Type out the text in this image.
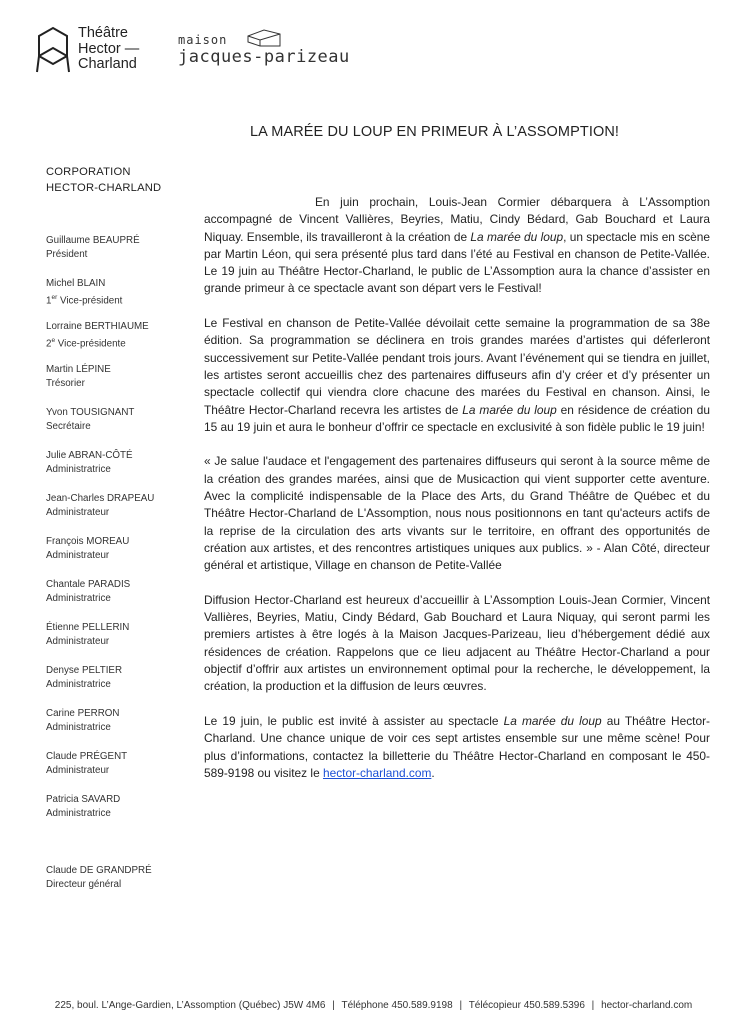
Théâtre
Hector —
Charland
maison
jacques-parizeau
LA MARÉE DU LOUP EN PRIMEUR À L’ASSOMPTION!
CORPORATION
HECTOR-CHARLAND
Guillaume BEAUPRÉ
Président
Michel BLAIN
1er Vice-président
Lorraine BERTHIAUME
2e Vice-présidente
Martin LÉPINE
Trésorier
Yvon TOUSIGNANT
Secrétaire
Julie ABRAN-CÔTÉ
Administratrice
Jean-Charles DRAPEAU
Administrateur
François MOREAU
Administrateur
Chantale PARADIS
Administratrice
Étienne PELLERIN
Administrateur
Denyse PELTIER
Administratrice
Carine PERRON
Administratrice
Claude PRÉGENT
Administrateur
Patricia SAVARD
Administratrice
Claude DE GRANDPRÉ
Directeur général

En juin prochain, Louis-Jean Cormier débarquera à L’Assomption accompagné de Vincent Vallières, Beyries, Matiu, Cindy Bédard, Gab Bouchard et Laura Niquay. Ensemble, ils travailleront à la création de La marée du loup, un spectacle mis en scène par Martin Léon, qui sera présenté plus tard dans l’été au Festival en chanson de Petite-Vallée. Le 19 juin au Théâtre Hector-Charland, le public de L’Assomption aura la chance d’assister en grande primeur à ce spectacle avant son départ vers le Festival!

Le Festival en chanson de Petite-Vallée dévoilait cette semaine la programmation de sa 38e édition. Sa programmation se déclinera en trois grandes marées d’artistes qui déferleront successivement sur Petite-Vallée pendant trois jours. Avant l’événement qui se tiendra en juillet, les artistes seront accueillis chez des partenaires diffuseurs afin d’y créer et d’y présenter un spectacle collectif qui viendra clore chacune des marées du Festival en chanson. Ainsi, le Théâtre Hector-Charland recevra les artistes de La marée du loup en résidence de création du 15 au 19 juin et aura le bonheur d’offrir ce spectacle en exclusivité à son fidèle public le 19 juin!

« Je salue l'audace et l'engagement des partenaires diffuseurs qui seront à la source même de la création des grandes marées, ainsi que de Musicaction qui vient supporter cette aventure. Avec la complicité indispensable de la Place des Arts, du Grand Théâtre de Québec et du Théâtre Hector-Charland de L'Assomption, nous nous positionnons en tant qu'acteurs actifs de la reprise de la circulation des arts vivants sur le territoire, en offrant des opportunités de création aux artistes, et des rencontres artistiques uniques aux publics. » - Alan Côté, directeur général et artistique, Village en chanson de Petite-Vallée

Diffusion Hector-Charland est heureux d’accueillir à L’Assomption Louis-Jean Cormier, Vincent Vallières, Beyries, Matiu, Cindy Bédard, Gab Bouchard et Laura Niquay, qui seront parmi les premiers artistes à être logés à la Maison Jacques-Parizeau, lieu d’hébergement dédié aux résidences de création. Rappelons que ce lieu adjacent au Théâtre Hector-Charland a pour objectif d’offrir aux artistes un environnement optimal pour la recherche, le développement, la création, la production et la diffusion de leurs œuvres.

Le 19 juin, le public est invité à assister au spectacle La marée du loup au Théâtre Hector-Charland. Une chance unique de voir ces sept artistes ensemble sur une même scène! Pour plus d’informations, contactez la billetterie du Théâtre Hector-Charland en composant le 450-589-9198 ou visitez le hector-charland.com.

225, boul. L’Ange-Gardien, L’Assomption (Québec) J5W 4M6 | Téléphone 450.589.9198 | Télécopieur 450.589.5396 | hector-charland.com
